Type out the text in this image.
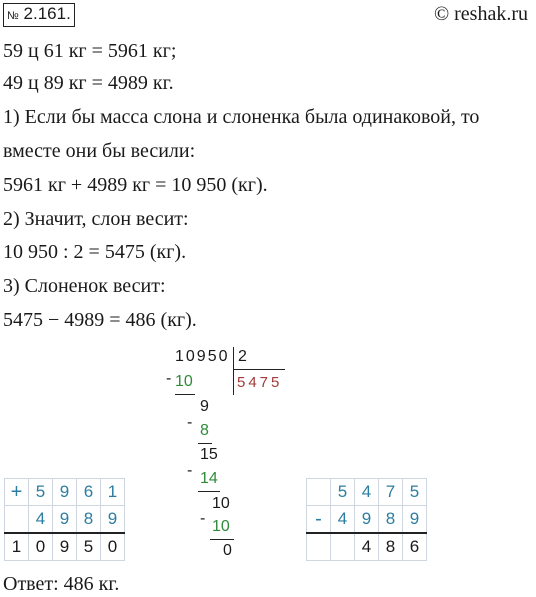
№ 2.161.	© reshak.ru
59 ц 61 кг = 5961 кг;
49 ц 89 кг = 4989 кг.
1) Если бы масса слона и слоненка была одинаковой, то
вместе они бы весили:
5961 кг + 4989 кг = 10 950 (кг).
2) Значит, слон весит:
10 950 : 2 = 5475 (кг).
3) Слоненок весит:
5475 − 4989 = 486 (кг).
+	5	9	6	1
	4	9	8	9
1	0	9	5	0
-
10950 2
5475
10
9
- 8
15
- 14
10
- 10
0
	5	4	7	5
-	4	9	8	9
		4	8	6
Ответ: 486 кг.
